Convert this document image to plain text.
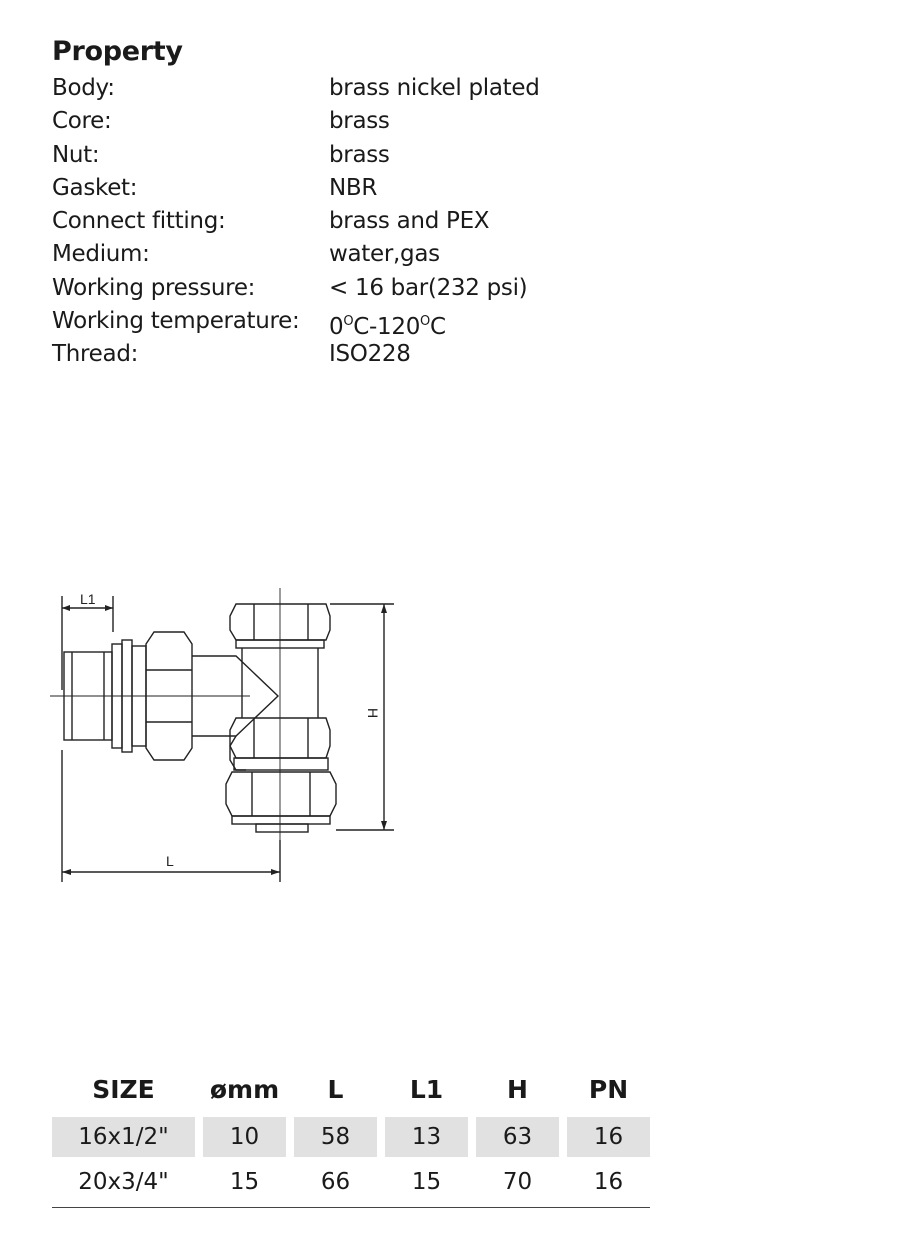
Property
Body:	brass nickel plated
Core:	brass
Nut:	brass
Gasket:	NBR
Connect fitting:	brass and PEX
Medium:	water,gas
Working pressure:	< 16 bar(232 psi)
Working temperature: $0^OC-120^OC$
Thread:	ISO228
L1
L
H
SIZE	ømm	L	L1	H	PN
16x1/2"	10	58	13	63	16
20x3/4"	15	66	15	70	16
